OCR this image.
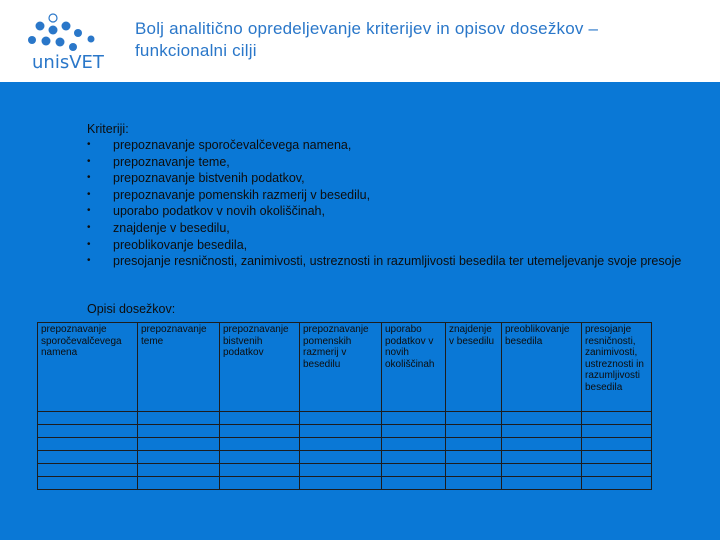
unisVET
Bolj analitično opredeljevanje kriterijev in opisov dosežkov – funkcionalni cilji
Kriteriji:
• prepoznavanje sporočevalčevega namena,
• prepoznavanje teme,
• prepoznavanje bistvenih podatkov,
• prepoznavanje pomenskih razmerij v besedilu,
• uporabo podatkov v novih okoliščinah,
• znajdenje v besedilu,
• preoblikovanje besedila,
• presojanje resničnosti, zanimivosti, ustreznosti in razumljivosti besedila ter utemeljevanje svoje presoje
Opisi dosežkov:
prepoznavanje sporočevalčevega namena	prepoznavanje teme	prepoznavanje bistvenih podatkov	prepoznavanje pomenskih razmerij v besedilu	uporabo podatkov v novih okoliščinah	znajdenje v besedilu	preoblikovanje besedila	presojanje resničnosti, zanimivosti, ustreznosti in razumljivosti besedila
